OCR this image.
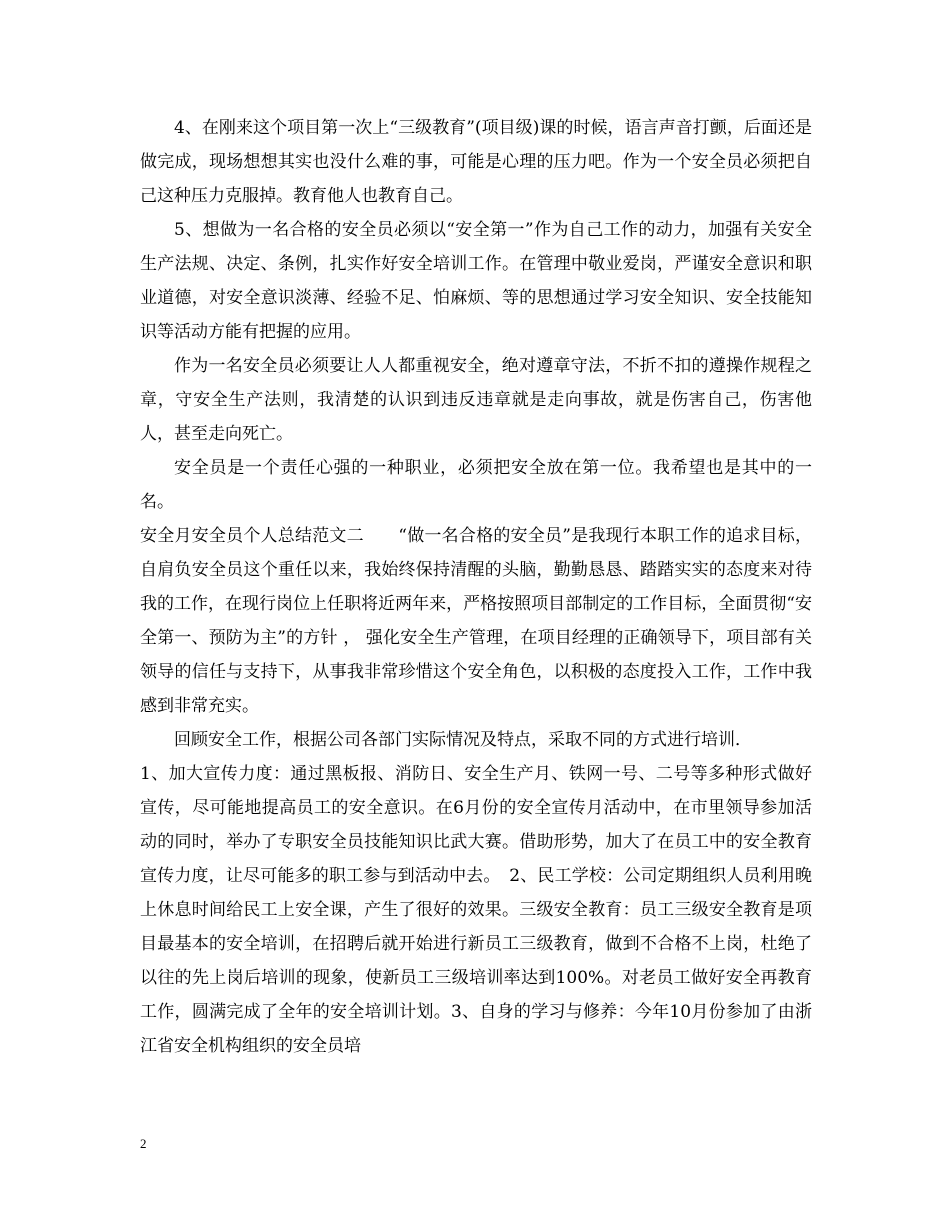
4、在刚来这个项目第一次上“三级教育”(项目级)课的时候，语言声音打颤，后面还是做完成，现场想想其实也没什么难的事，可能是心理的压力吧。作为一个安全员必须把自己这种压力克服掉。教育他人也教育自己。

5、想做为一名合格的安全员必须以“安全第一”作为自己工作的动力，加强有关安全生产法规、决定、条例，扎实作好安全培训工作。在管理中敬业爱岗，严谨安全意识和职业道德，对安全意识淡薄、经验不足、怕麻烦、等的思想通过学习安全知识、安全技能知识等活动方能有把握的应用。

作为一名安全员必须要让人人都重视安全，绝对遵章守法，不折不扣的遵操作规程之章，守安全生产法则，我清楚的认识到违反违章就是走向事故，就是伤害自己，伤害他人，甚至走向死亡。

安全员是一个责任心强的一种职业，必须把安全放在第一位。我希望也是其中的一名。

安全月安全员个人总结范文二　　“做一名合格的安全员”是我现行本职工作的追求目标，自肩负安全员这个重任以来，我始终保持清醒的头脑，勤勤恳恳、踏踏实实的态度来对待我的工作，在现行岗位上任职将近两年来，严格按照项目部制定的工作目标，全面贯彻“安全第一、预防为主”的方针 ， 强化安全生产管理，在项目经理的正确领导下，项目部有关领导的信任与支持下，从事我非常珍惜这个安全角色，以积极的态度投入工作，工作中我感到非常充实。

回顾安全工作，根据公司各部门实际情况及特点，采取不同的方式进行培训．

1、加大宣传力度：通过黑板报、消防日、安全生产月、铁网一号、二号等多种形式做好宣传，尽可能地提高员工的安全意识。在6月份的安全宣传月活动中，在市里领导参加活动的同时，举办了专职安全员技能知识比武大赛。借助形势，加大了在员工中的安全教育宣传力度，让尽可能多的职工参与到活动中去。　2、民工学校：公司定期组织人员利用晚上休息时间给民工上安全课，产生了很好的效果。三级安全教育：员工三级安全教育是项目最基本的安全培训，在招聘后就开始进行新员工三级教育，做到不合格不上岗，杜绝了以往的先上岗后培训的现象，使新员工三级培训率达到100%。对老员工做好安全再教育工作，圆满完成了全年的安全培训计划。3、自身的学习与修养：今年10月份参加了由浙江省安全机构组织的安全员培

2
